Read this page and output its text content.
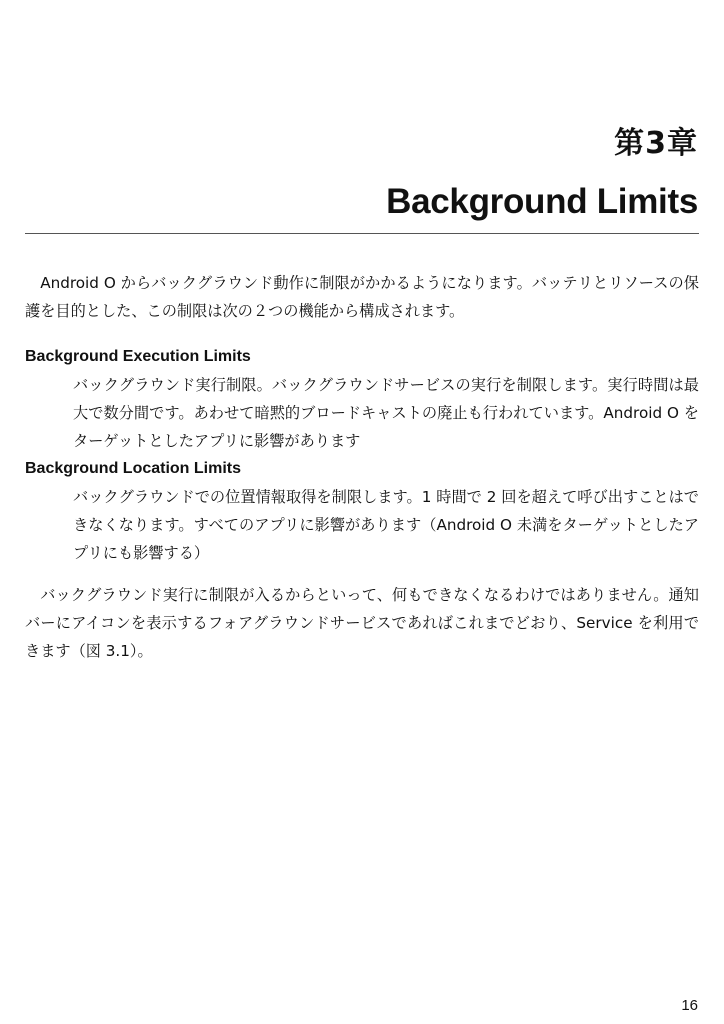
第3章
Background Limits

Android O からバックグラウンド動作に制限がかかるようになります。バッテリとリソースの保護を目的とした、この制限は次の２つの機能から構成されます。

Background Execution Limits
バックグラウンド実行制限。バックグラウンドサービスの実行を制限します。実行時間は最大で数分間です。あわせて暗黙的ブロードキャストの廃止も行われています。Android O をターゲットとしたアプリに影響があります
Background Location Limits
バックグラウンドでの位置情報取得を制限します。1 時間で 2 回を超えて呼び出すことはできなくなります。すべてのアプリに影響があります（Android O 未満をターゲットとしたアプリにも影響する）

バックグラウンド実行に制限が入るからといって、何もできなくなるわけではありません。通知バーにアイコンを表示するフォアグラウンドサービスであればこれまでどおり、Service を利用できます（図 3.1）。

16
